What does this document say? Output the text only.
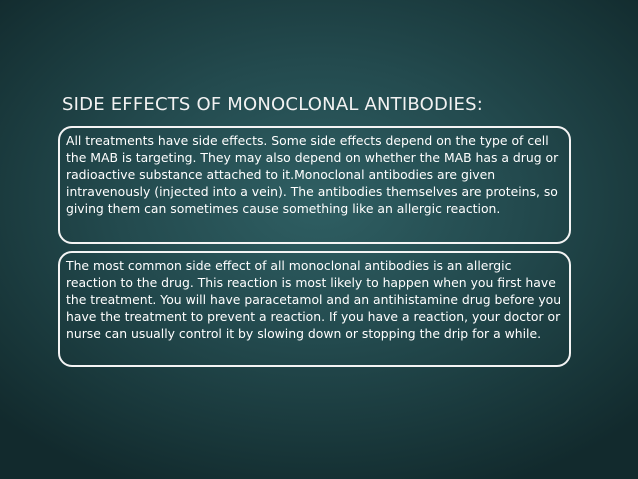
SIDE EFFECTS OF MONOCLONAL ANTIBODIES:

All treatments have side effects. Some side effects depend on the type of cell the MAB is targeting. They may also depend on whether the MAB has a drug or radioactive substance attached to it.Monoclonal antibodies are given intravenously (injected into a vein). The antibodies themselves are proteins, so giving them can sometimes cause something like an allergic reaction.

The most common side effect of all monoclonal antibodies is an allergic reaction to the drug. This reaction is most likely to happen when you first have the treatment. You will have paracetamol and an antihistamine drug before you have the treatment to prevent a reaction. If you have a reaction, your doctor or nurse can usually control it by slowing down or stopping the drip for a while.
